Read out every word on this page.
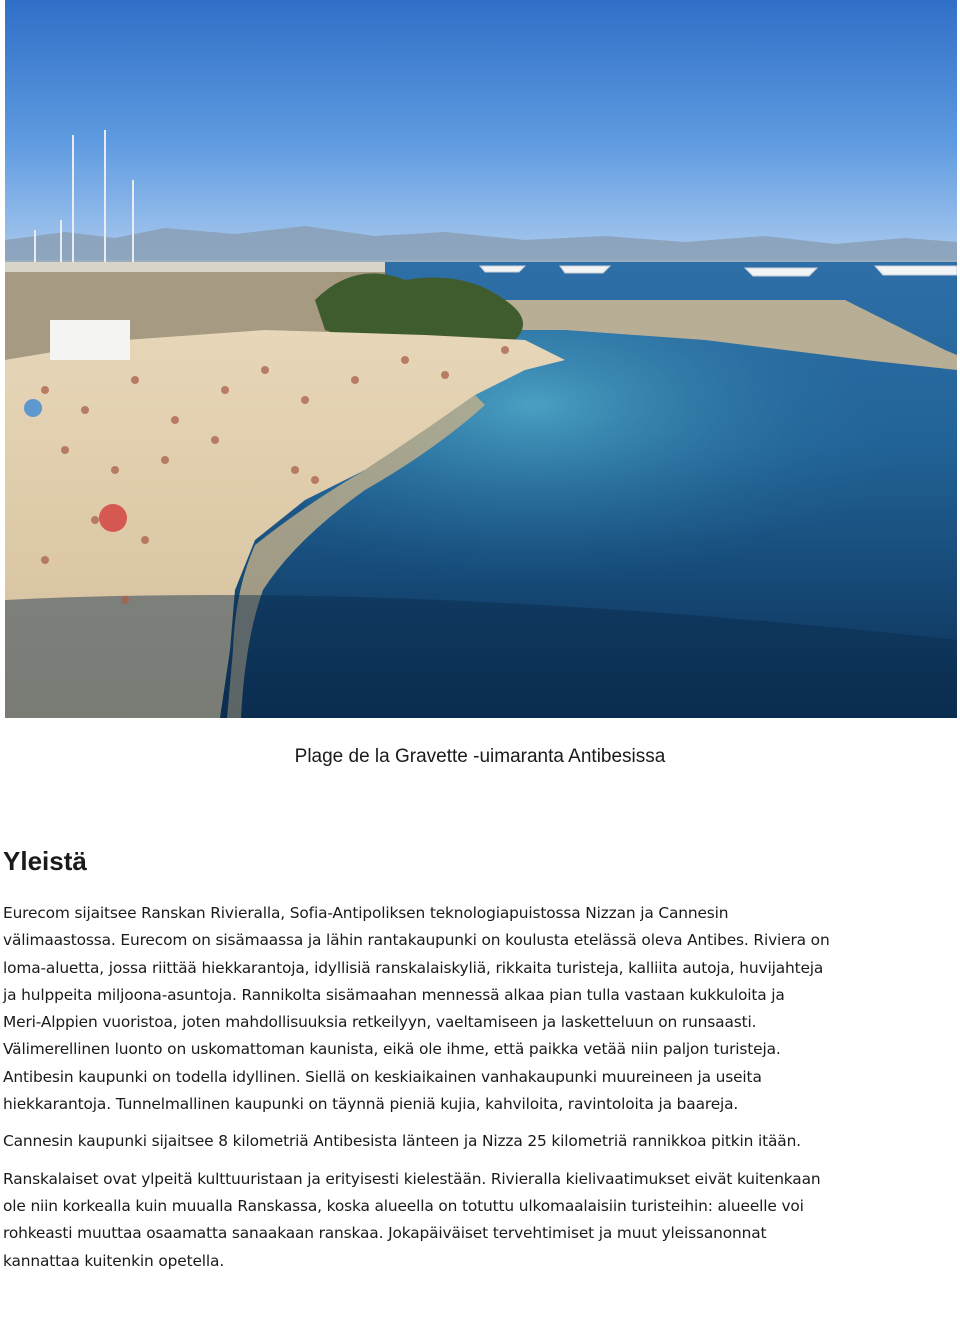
Plage de la Gravette -uimaranta Antibesissa
Yleistä

Eurecom sijaitsee Ranskan Rivieralla, Sofia-Antipoliksen teknologiapuistossa Nizzan ja Cannesin
välimaastossa. Eurecom on sisämaassa ja lähin rantakaupunki on koulusta etelässä oleva Antibes. Riviera on
loma-aluetta, jossa riittää hiekkarantoja, idyllisiä ranskalaiskyliä, rikkaita turisteja, kalliita autoja, huvijahteja
ja hulppeita miljoona-asuntoja. Rannikolta sisämaahan mennessä alkaa pian tulla vastaan kukkuloita ja
Meri-Alppien vuoristoa, joten mahdollisuuksia retkeilyyn, vaeltamiseen ja lasketteluun on runsaasti.
Välimerellinen luonto on uskomattoman kaunista, eikä ole ihme, että paikka vetää niin paljon turisteja.
Antibesin kaupunki on todella idyllinen. Siellä on keskiaikainen vanhakaupunki muureineen ja useita
hiekkarantoja. Tunnelmallinen kaupunki on täynnä pieniä kujia, kahviloita, ravintoloita ja baareja.

Cannesin kaupunki sijaitsee 8 kilometriä Antibesista länteen ja Nizza 25 kilometriä rannikkoa pitkin itään.

Ranskalaiset ovat ylpeitä kulttuuristaan ja erityisesti kielestään. Rivieralla kielivaatimukset eivät kuitenkaan
ole niin korkealla kuin muualla Ranskassa, koska alueella on totuttu ulkomaalaisiin turisteihin: alueelle voi
rohkeasti muuttaa osaamatta sanaakaan ranskaa. Jokapäiväiset tervehtimiset ja muut yleissanonnat
kannattaa kuitenkin opetella.
